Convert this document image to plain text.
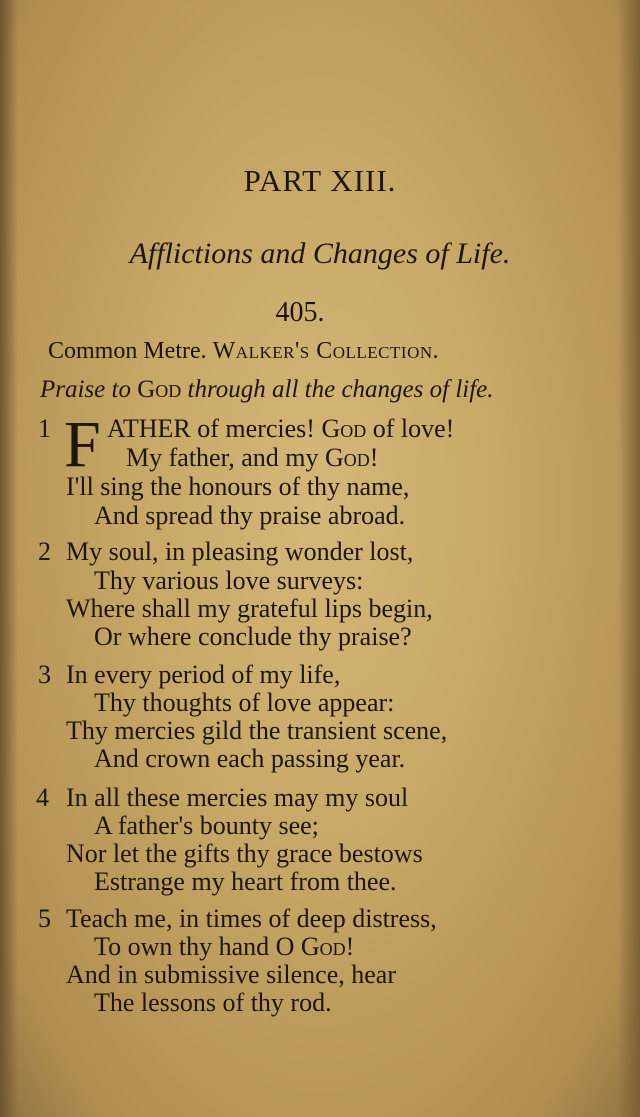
PART XIII.
Afflictions and Changes of Life.
405.
Common Metre. Walker's Collection.
Praise to God through all the changes of life.
1 F ATHER of mercies! God of love!
My father, and my God!
I'll sing the honours of thy name,
And spread thy praise abroad.
2 My soul, in pleasing wonder lost,
Thy various love surveys:
Where shall my grateful lips begin,
Or where conclude thy praise?
3 In every period of my life,
Thy thoughts of love appear:
Thy mercies gild the transient scene,
And crown each passing year.
4 In all these mercies may my soul
A father's bounty see;
Nor let the gifts thy grace bestows
Estrange my heart from thee.
5 Teach me, in times of deep distress,
To own thy hand O God!
And in submissive silence, hear
The lessons of thy rod.
